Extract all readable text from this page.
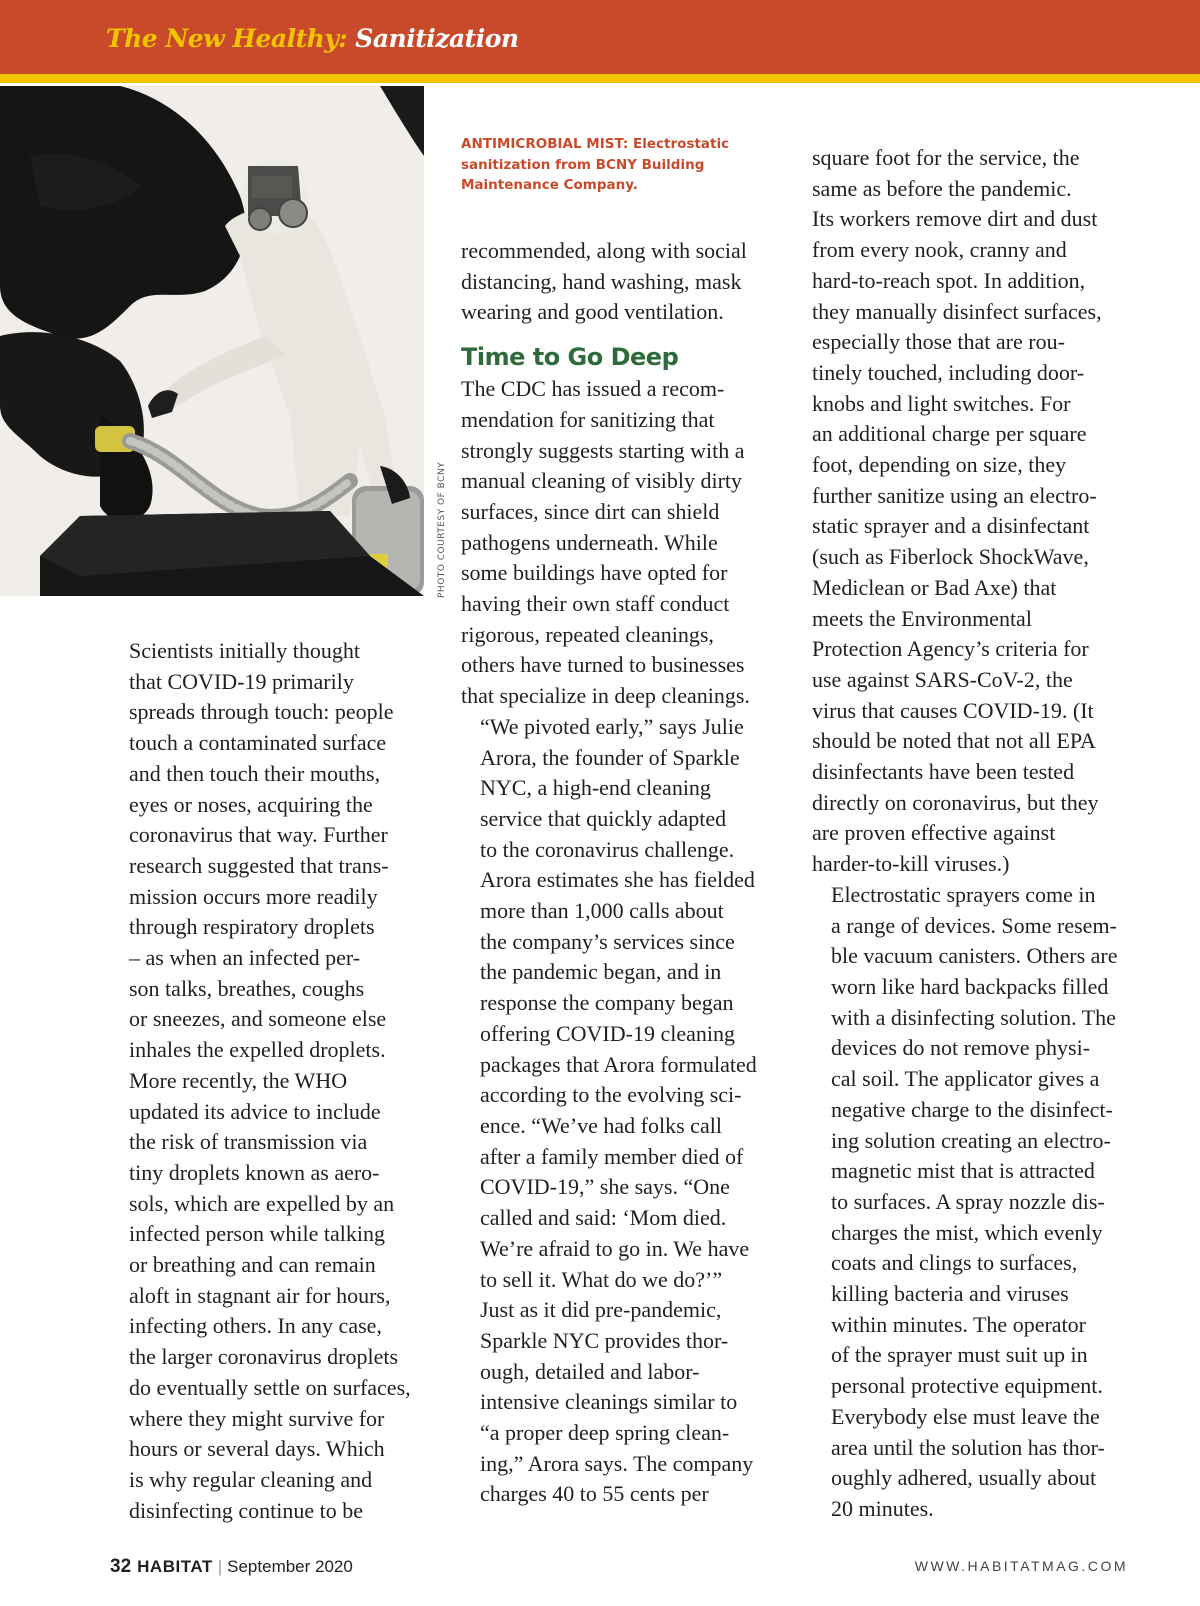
The New Healthy: Sanitization
PHOTO COURTESY OF BCNY
ANTIMICROBIAL MIST: Electrostatic
sanitization from BCNY Building
Maintenance Company.

Scientists initially thought
that COVID-19 primarily
spreads through touch: people
touch a contaminated surface
and then touch their mouths,
eyes or noses, acquiring the
coronavirus that way. Further
research suggested that trans-
mission occurs more readily
through respiratory droplets
– as when an infected per-
son talks, breathes, coughs
or sneezes, and someone else
inhales the expelled droplets.

More recently, the WHO
updated its advice to include
the risk of transmission via
tiny droplets known as aero-
sols, which are expelled by an
infected person while talking
or breathing and can remain
aloft in stagnant air for hours,
infecting others. In any case,
the larger coronavirus droplets
do eventually settle on surfaces,
where they might survive for
hours or several days. Which
is why regular cleaning and
disinfecting continue to be

recommended, along with social
distancing, hand washing, mask
wearing and good ventilation.

Time to Go Deep

The CDC has issued a recom-
mendation for sanitizing that
strongly suggests starting with a
manual cleaning of visibly dirty
surfaces, since dirt can shield
pathogens underneath. While
some buildings have opted for
having their own staff conduct
rigorous, repeated cleanings,
others have turned to businesses
that specialize in deep cleanings.

“We pivoted early,” says Julie
Arora, the founder of Sparkle
NYC, a high-end cleaning
service that quickly adapted
to the coronavirus challenge.
Arora estimates she has fielded
more than 1,000 calls about
the company’s services since
the pandemic began, and in
response the company began
offering COVID-19 cleaning
packages that Arora formulated
according to the evolving sci-
ence. “We’ve had folks call
after a family member died of
COVID-19,” she says. “One
called and said: ‘Mom died.
We’re afraid to go in. We have
to sell it. What do we do?’”

Just as it did pre-pandemic,
Sparkle NYC provides thor-
ough, detailed and labor-
intensive cleanings similar to
“a proper deep spring clean-
ing,” Arora says. The company
charges 40 to 55 cents per

square foot for the service, the
same as before the pandemic.
Its workers remove dirt and dust
from every nook, cranny and
hard-to-reach spot. In addition,
they manually disinfect surfaces,
especially those that are rou-
tinely touched, including door-
knobs and light switches. For
an additional charge per square
foot, depending on size, they
further sanitize using an electro-
static sprayer and a disinfectant
(such as Fiberlock ShockWave,
Mediclean or Bad Axe) that
meets the Environmental
Protection Agency’s criteria for
use against SARS-CoV-2, the
virus that causes COVID-19. (It
should be noted that not all EPA
disinfectants have been tested
directly on coronavirus, but they
are proven effective against
harder-to-kill viruses.)

Electrostatic sprayers come in
a range of devices. Some resem-
ble vacuum canisters. Others are
worn like hard backpacks filled
with a disinfecting solution. The
devices do not remove physi-
cal soil. The applicator gives a
negative charge to the disinfect-
ing solution creating an electro-
magnetic mist that is attracted
to surfaces. A spray nozzle dis-
charges the mist, which evenly
coats and clings to surfaces,
killing bacteria and viruses
within minutes. The operator
of the sprayer must suit up in
personal protective equipment.
Everybody else must leave the
area until the solution has thor-
oughly adhered, usually about
20 minutes.

32 HABITAT | September 2020	WWW.HABITATMAG.COM
